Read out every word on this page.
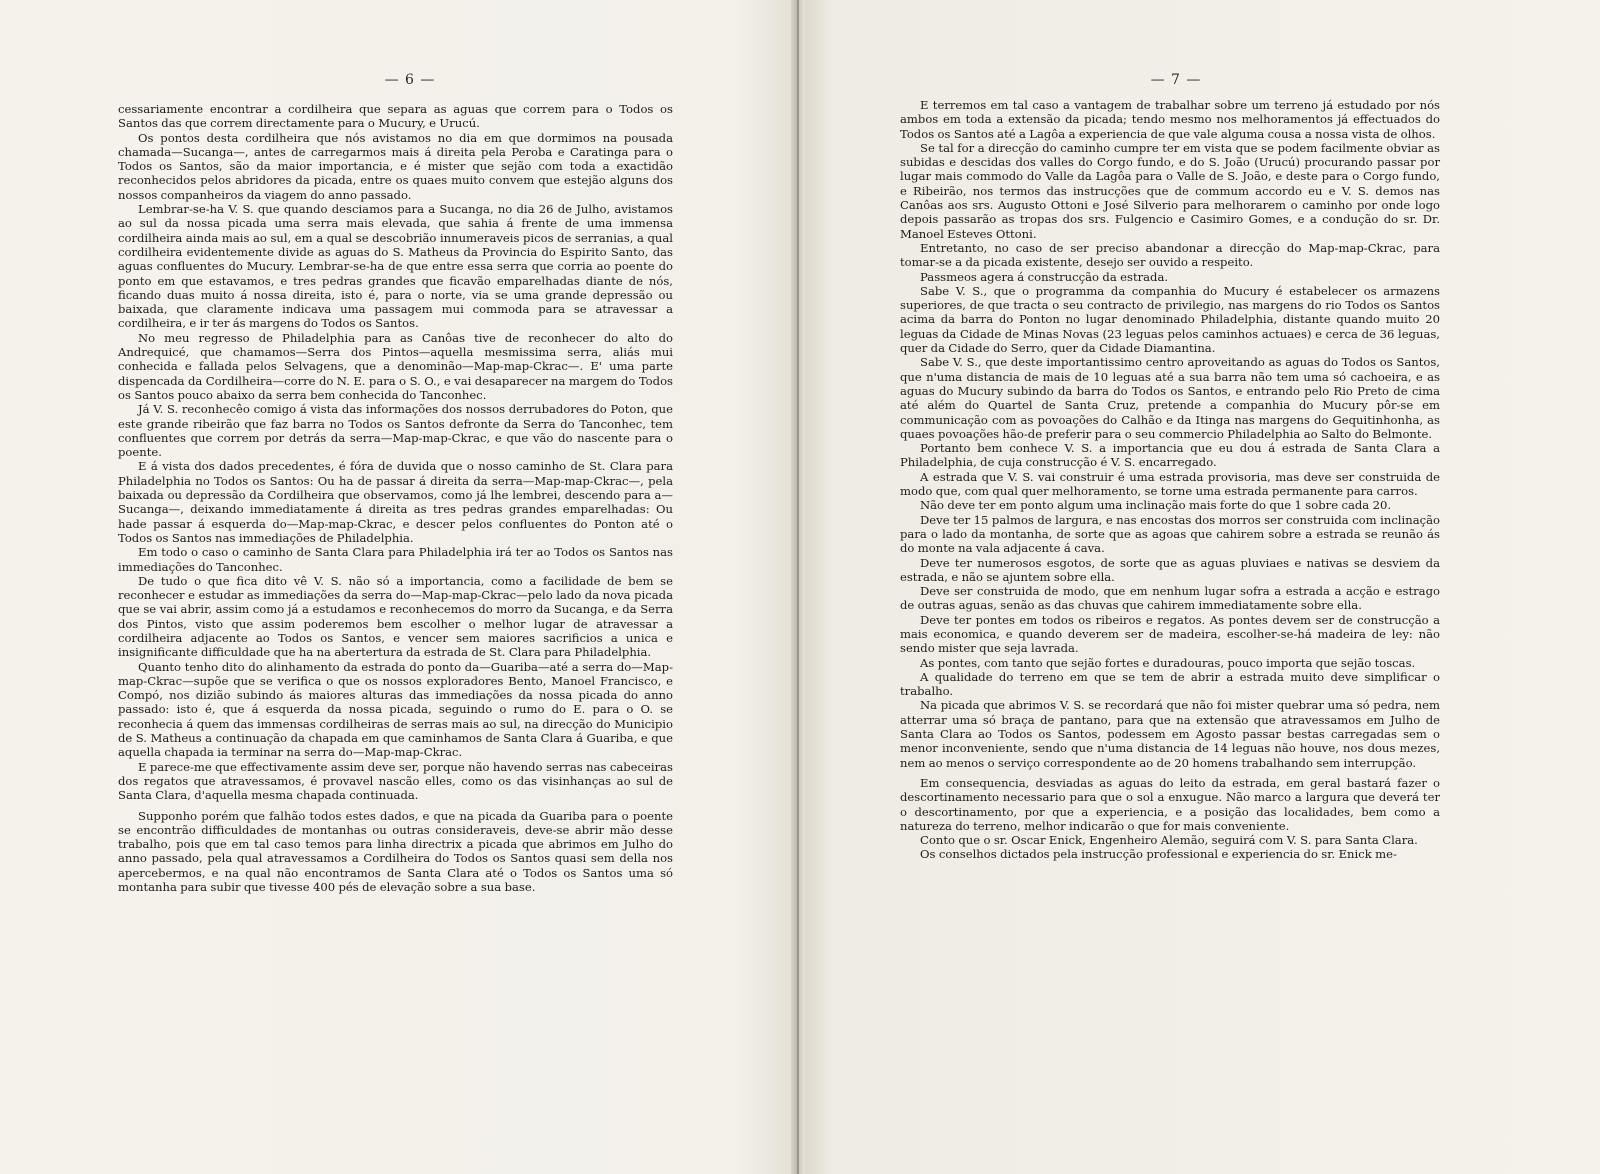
— 6 —

cessariamente encontrar a cordilheira que separa as aguas que correm para o Todos os Santos das que correm directamente para o Mucury, e Urucú.

Os pontos desta cordilheira que nós avistamos no dia em que dormimos na pousada chamada—Sucanga—, antes de carregarmos mais á direita pela Peroba e Caratinga para o Todos os Santos, são da maior importancia, e é mister que sejão com toda a exactidão reconhecidos pelos abridores da picada, entre os quaes muito convem que estejão alguns dos nossos companheiros da viagem do anno passado.

Lembrar-se-ha V. S. que quando desciamos para a Sucanga, no dia 26 de Julho, avistamos ao sul da nossa picada uma serra mais elevada, que sahia á frente de uma immensa cordilheira ainda mais ao sul, em a qual se descobrião innumeraveis picos de serranias, a qual cordilheira evidentemente divide as aguas do S. Matheus da Provincia do Espirito Santo, das aguas confluentes do Mucury. Lembrar-se-ha de que entre essa serra que corria ao poente do ponto em que estavamos, e tres pedras grandes que ficavão emparelhadas diante de nós, ficando duas muito á nossa direita, isto é, para o norte, via se uma grande depressão ou baixada, que claramente indicava uma passagem mui commoda para se atravessar a cordilheira, e ir ter ás margens do Todos os Santos.

No meu regresso de Philadelphia para as Canôas tive de reconhecer do alto do Andrequicé, que chamamos—Serra dos Pintos—aquella mesmissima serra, aliás mui conhecida e fallada pelos Selvagens, que a denominão—Map-map-Ckrac—. E' uma parte dispencada da Cordilheira—corre do N. E. para o S. O., e vai desaparecer na margem do Todos os Santos pouco abaixo da serra bem conhecida do Tanconhec.

Já V. S. reconhecêo comigo á vista das informações dos nossos derrubadores do Poton, que este grande ribeirão que faz barra no Todos os Santos defronte da Serra do Tanconhec, tem confluentes que correm por detrás da serra—Map-map-Ckrac, e que vão do nascente para o poente.

E á vista dos dados precedentes, é fóra de duvida que o nosso caminho de St. Clara para Philadelphia no Todos os Santos: Ou ha de passar á direita da serra—Map-map-Ckrac—, pela baixada ou depressão da Cordilheira que observamos, como já lhe lembrei, descendo para a—Sucanga—, deixando immediatamente á direita as tres pedras grandes emparelhadas: Ou hade passar á esquerda do—Map-map-Ckrac, e descer pelos confluentes do Ponton até o Todos os Santos nas immediações de Philadelphia.

Em todo o caso o caminho de Santa Clara para Philadelphia irá ter ao Todos os Santos nas immediações do Tanconhec.

De tudo o que fica dito vê V. S. não só a importancia, como a facilidade de bem se reconhecer e estudar as immediações da serra do—Map-map-Ckrac—pelo lado da nova picada que se vai abrir, assim como já a estudamos e reconhecemos do morro da Sucanga, e da Serra dos Pintos, visto que assim poderemos bem escolher o melhor lugar de atravessar a cordilheira adjacente ao Todos os Santos, e vencer sem maiores sacrificios a unica e insignificante difficuldade que ha na abertertura da estrada de St. Clara para Philadelphia.

Quanto tenho dito do alinhamento da estrada do ponto da—Guariba—até a serra do—Map-map-Ckrac—supõe que se verifica o que os nossos exploradores Bento, Manoel Francisco, e Compó, nos dizião subindo ás maiores alturas das immediações da nossa picada do anno passado: isto é, que á esquerda da nossa picada, seguindo o rumo do E. para o O. se reconhecia á quem das immensas cordilheiras de serras mais ao sul, na direcção do Municipio de S. Matheus a continuação da chapada em que caminhamos de Santa Clara á Guariba, e que aquella chapada ia terminar na serra do—Map-map-Ckrac.

E parece-me que effectivamente assim deve ser, porque não havendo serras nas cabeceiras dos regatos que atravessamos, é provavel nascão elles, como os das visinhanças ao sul de Santa Clara, d'aquella mesma chapada continuada.

Supponho porém que falhão todos estes dados, e que na picada da Guariba para o poente se encontrão difficuldades de montanhas ou outras consideraveis, deve-se abrir mão desse trabalho, pois que em tal caso temos para linha directrix a picada que abrimos em Julho do anno passado, pela qual atravessamos a Cordilheira do Todos os Santos quasi sem della nos apercebermos, e na qual não encontramos de Santa Clara até o Todos os Santos uma só montanha para subir que tivesse 400 pés de elevação sobre a sua base.

— 7 —

E terremos em tal caso a vantagem de trabalhar sobre um terreno já estudado por nós ambos em toda a extensão da picada; tendo mesmo nos melhoramentos já effectuados do Todos os Santos até a Lagôa a experiencia de que vale alguma cousa a nossa vista de olhos.

Se tal for a direcção do caminho cumpre ter em vista que se podem facilmente obviar as subidas e descidas dos valles do Corgo fundo, e do S. João (Urucú) procurando passar por lugar mais commodo do Valle da Lagôa para o Valle de S. João, e deste para o Corgo fundo, e Ribeirão, nos termos das instrucções que de commum accordo eu e V. S. demos nas Canôas aos srs. Augusto Ottoni e José Silverio para melhorarem o caminho por onde logo depois passarão as tropas dos srs. Fulgencio e Casimiro Gomes, e a condução do sr. Dr. Manoel Esteves Ottoni.

Entretanto, no caso de ser preciso abandonar a direcção do Map-map-Ckrac, para tomar-se a da picada existente, desejo ser ouvido a respeito.

Passmeos agera á construcção da estrada.

Sabe V. S., que o programma da companhia do Mucury é estabelecer os armazens superiores, de que tracta o seu contracto de privilegio, nas margens do rio Todos os Santos acima da barra do Ponton no lugar denominado Philadelphia, distante quando muito 20 leguas da Cidade de Minas Novas (23 leguas pelos caminhos actuaes) e cerca de 36 leguas, quer da Cidade do Serro, quer da Cidade Diamantina.

Sabe V. S., que deste importantissimo centro aproveitando as aguas do Todos os Santos, que n'uma distancia de mais de 10 leguas até a sua barra não tem uma só cachoeira, e as aguas do Mucury subindo da barra do Todos os Santos, e entrando pelo Rio Preto de cima até além do Quartel de Santa Cruz, pretende a companhia do Mucury pôr-se em communicação com as povoações do Calhão e da Itinga nas margens do Gequitinhonha, as quaes povoações hão-de preferir para o seu commercio Philadelphia ao Salto do Belmonte.

Portanto bem conhece V. S. a importancia que eu dou á estrada de Santa Clara a Philadelphia, de cuja construcção é V. S. encarregado.

A estrada que V. S. vai construir é uma estrada provisoria, mas deve ser construida de modo que, com qual quer melhoramento, se torne uma estrada permanente para carros.

Não deve ter em ponto algum uma inclinação mais forte do que 1 sobre cada 20.

Deve ter 15 palmos de largura, e nas encostas dos morros ser construida com inclinação para o lado da montanha, de sorte que as agoas que cahirem sobre a estrada se reunão ás do monte na vala adjacente á cava.

Deve ter numerosos esgotos, de sorte que as aguas pluviaes e nativas se desviem da estrada, e não se ajuntem sobre ella.

Deve ser construida de modo, que em nenhum lugar sofra a estrada a acção e estrago de outras aguas, senão as das chuvas que cahirem immediatamente sobre ella.

Deve ter pontes em todos os ribeiros e regatos. As pontes devem ser de construcção a mais economica, e quando deverem ser de madeira, escolher-se-há madeira de ley: não sendo mister que seja lavrada.

As pontes, com tanto que sejão fortes e duradouras, pouco importa que sejão toscas.

A qualidade do terreno em que se tem de abrir a estrada muito deve simplificar o trabalho.

Na picada que abrimos V. S. se recordará que não foi mister quebrar uma só pedra, nem atterrar uma só braça de pantano, para que na extensão que atravessamos em Julho de Santa Clara ao Todos os Santos, podessem em Agosto passar bestas carregadas sem o menor inconveniente, sendo que n'uma distancia de 14 leguas não houve, nos dous mezes, nem ao menos o serviço correspondente ao de 20 homens trabalhando sem interrupção.

Em consequencia, desviadas as aguas do leito da estrada, em geral bastará fazer o descortinamento necessario para que o sol a enxugue. Não marco a largura que deverá ter o descortinamento, por que a experiencia, e a posição das localidades, bem como a natureza do terreno, melhor indicarão o que for mais conveniente.

Conto que o sr. Oscar Enick, Engenheiro Alemão, seguirá com V. S. para Santa Clara.

Os conselhos dictados pela instrucção professional e experiencia do sr. Enick me-
